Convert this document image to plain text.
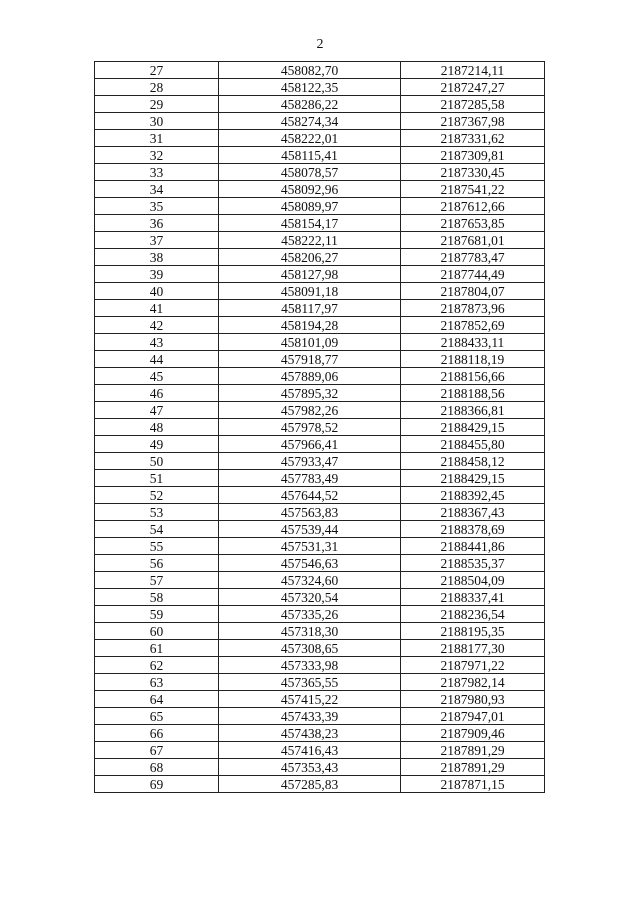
2
27	458082,70	2187214,11
28	458122,35	2187247,27
29	458286,22	2187285,58
30	458274,34	2187367,98
31	458222,01	2187331,62
32	458115,41	2187309,81
33	458078,57	2187330,45
34	458092,96	2187541,22
35	458089,97	2187612,66
36	458154,17	2187653,85
37	458222,11	2187681,01
38	458206,27	2187783,47
39	458127,98	2187744,49
40	458091,18	2187804,07
41	458117,97	2187873,96
42	458194,28	2187852,69
43	458101,09	2188433,11
44	457918,77	2188118,19
45	457889,06	2188156,66
46	457895,32	2188188,56
47	457982,26	2188366,81
48	457978,52	2188429,15
49	457966,41	2188455,80
50	457933,47	2188458,12
51	457783,49	2188429,15
52	457644,52	2188392,45
53	457563,83	2188367,43
54	457539,44	2188378,69
55	457531,31	2188441,86
56	457546,63	2188535,37
57	457324,60	2188504,09
58	457320,54	2188337,41
59	457335,26	2188236,54
60	457318,30	2188195,35
61	457308,65	2188177,30
62	457333,98	2187971,22
63	457365,55	2187982,14
64	457415,22	2187980,93
65	457433,39	2187947,01
66	457438,23	2187909,46
67	457416,43	2187891,29
68	457353,43	2187891,29
69	457285,83	2187871,15
